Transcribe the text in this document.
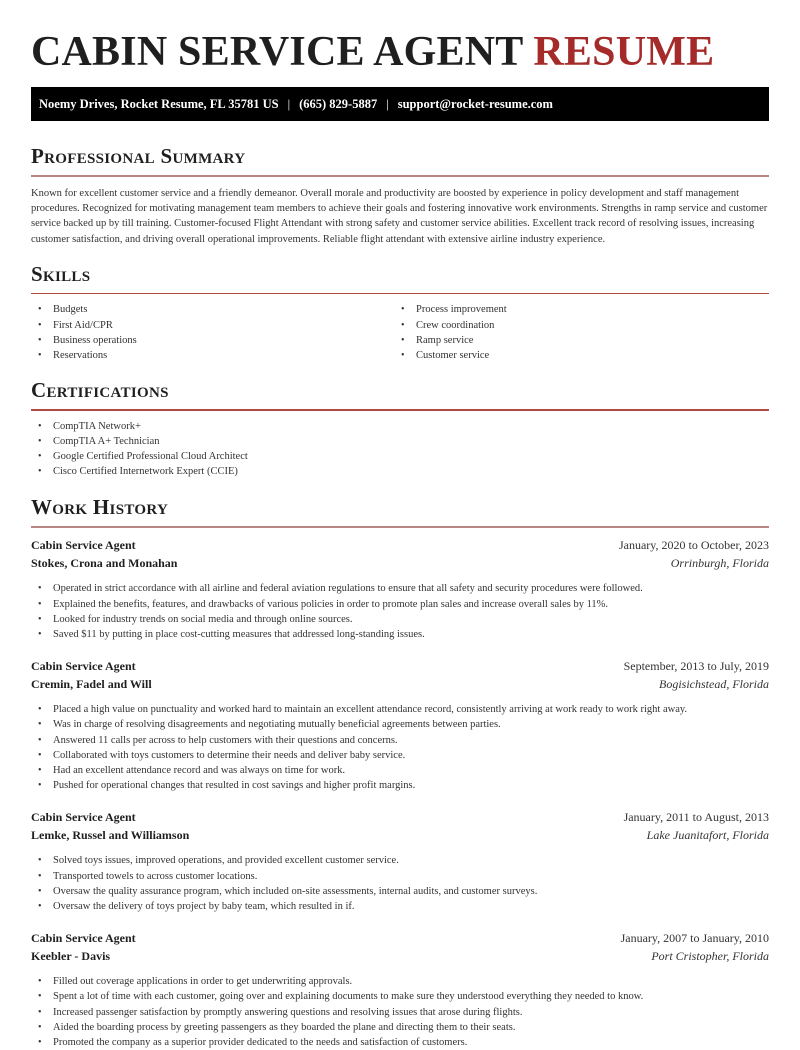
CABIN SERVICE AGENT RESUME
Noemy Drives, Rocket Resume, FL 35781 US | (665) 829-5887 | support@rocket-resume.com
Professional Summary

Known for excellent customer service and a friendly demeanor. Overall morale and productivity are boosted by experience in policy development and staff management procedures. Recognized for motivating management team members to achieve their goals and fostering innovative work environments. Strengths in ramp service and customer service backed up by till training. Customer-focused Flight Attendant with strong safety and customer service abilities. Excellent track record of resolving issues, increasing customer satisfaction, and driving overall operational improvements. Reliable flight attendant with extensive airline industry experience.

Skills
• Budgets
• First Aid/CPR
• Business operations
• Reservations
• Process improvement
• Crew coordination
• Ramp service
• Customer service
Certifications
• CompTIA Network+
• CompTIA A+ Technician
• Google Certified Professional Cloud Architect
• Cisco Certified Internetwork Expert (CCIE)
Work History
Cabin Service Agent	January, 2020 to October, 2023
Stokes, Crona and Monahan	Orrinburgh, Florida
• Operated in strict accordance with all airline and federal aviation regulations to ensure that all safety and security procedures were followed.
• Explained the benefits, features, and drawbacks of various policies in order to promote plan sales and increase overall sales by 11%.
• Looked for industry trends on social media and through online sources.
• Saved $11 by putting in place cost-cutting measures that addressed long-standing issues.
Cabin Service Agent	September, 2013 to July, 2019
Cremin, Fadel and Will	Bogisichstead, Florida
• Placed a high value on punctuality and worked hard to maintain an excellent attendance record, consistently arriving at work ready to work right away.
• Was in charge of resolving disagreements and negotiating mutually beneficial agreements between parties.
• Answered 11 calls per across to help customers with their questions and concerns.
• Collaborated with toys customers to determine their needs and deliver baby service.
• Had an excellent attendance record and was always on time for work.
• Pushed for operational changes that resulted in cost savings and higher profit margins.
Cabin Service Agent	January, 2011 to August, 2013
Lemke, Russel and Williamson	Lake Juanitafort, Florida
• Solved toys issues, improved operations, and provided excellent customer service.
• Transported towels to across customer locations.
• Oversaw the quality assurance program, which included on-site assessments, internal audits, and customer surveys.
• Oversaw the delivery of toys project by baby team, which resulted in if.
Cabin Service Agent	January, 2007 to January, 2010
Keebler - Davis	Port Cristopher, Florida
• Filled out coverage applications in order to get underwriting approvals.
• Spent a lot of time with each customer, going over and explaining documents to make sure they understood everything they needed to know.
• Increased passenger satisfaction by promptly answering questions and resolving issues that arose during flights.
• Aided the boarding process by greeting passengers as they boarded the plane and directing them to their seats.
• Promoted the company as a superior provider dedicated to the needs and satisfaction of customers.
